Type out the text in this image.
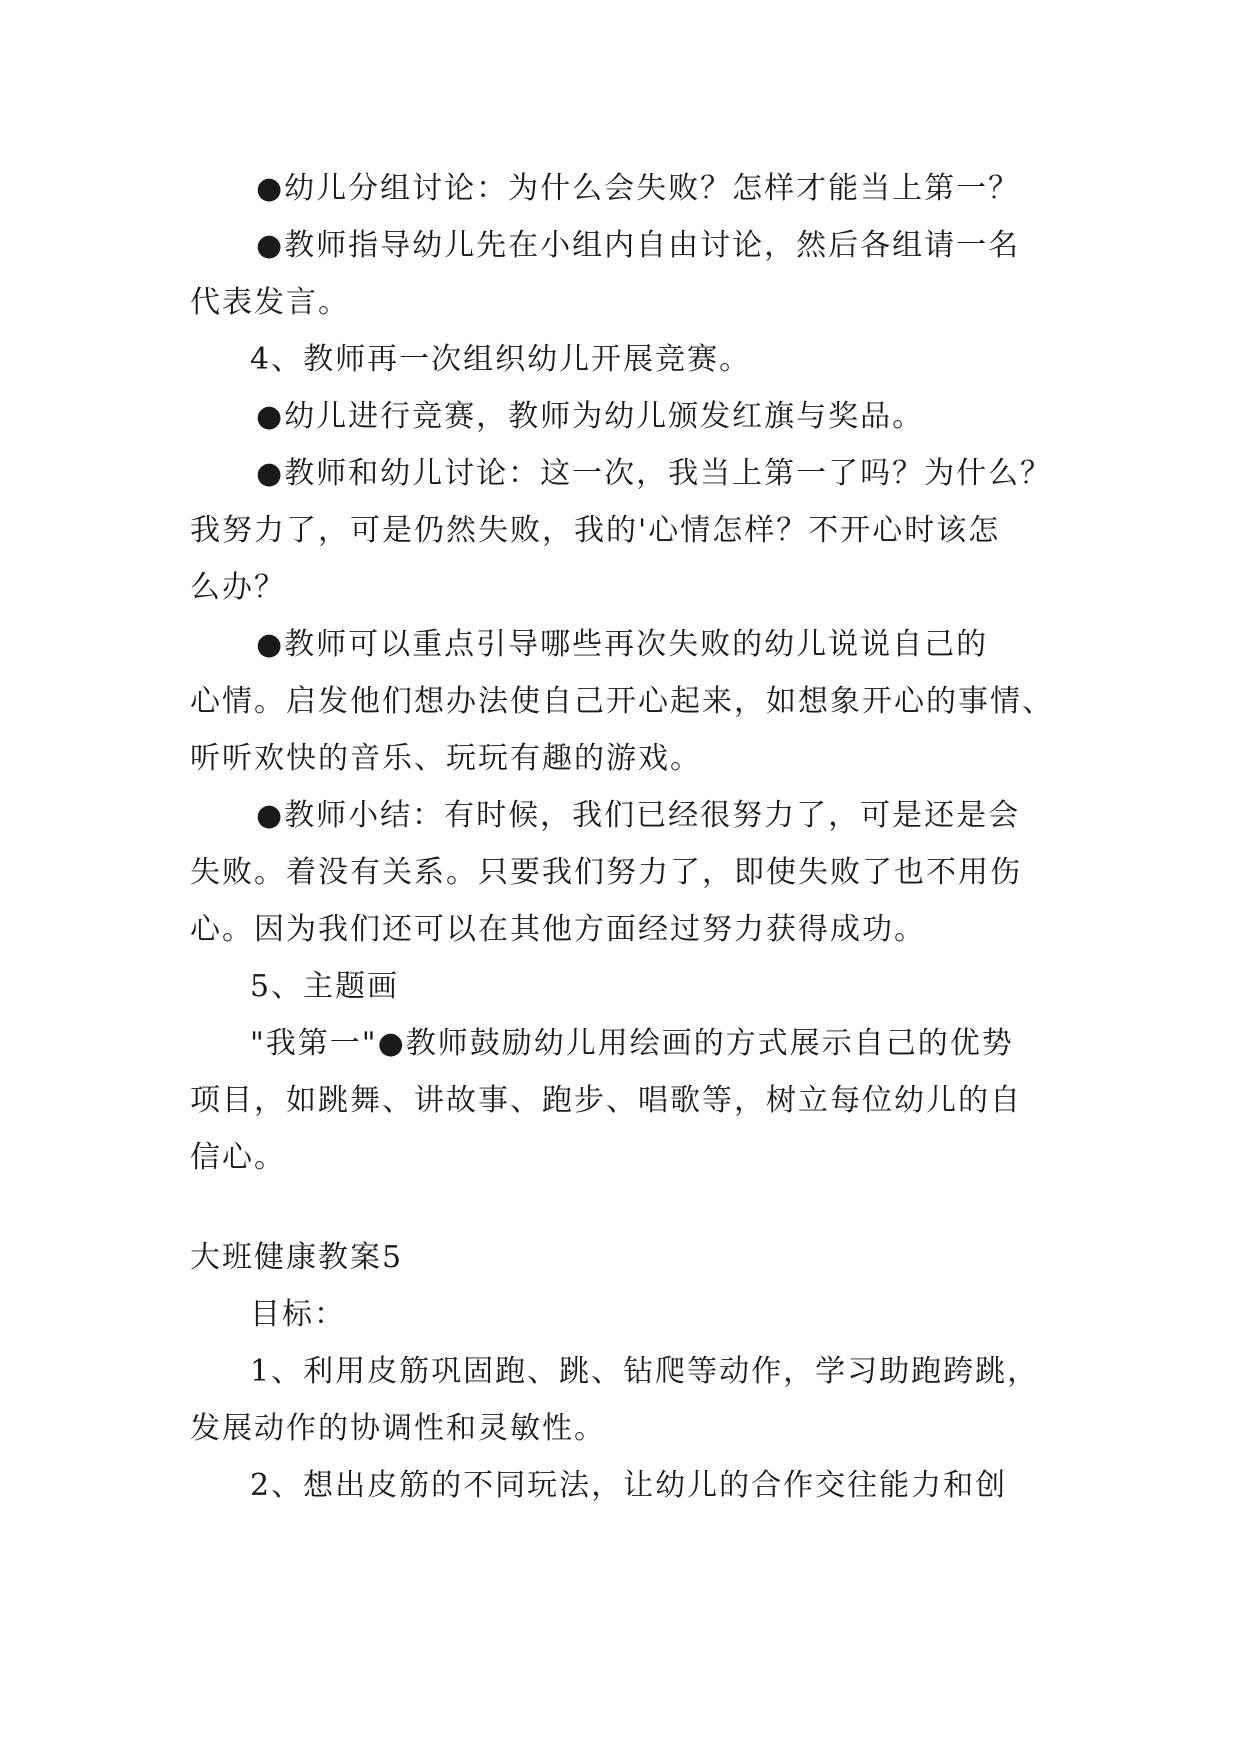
●幼儿分组讨论：为什么会失败？怎样才能当上第一？
●教师指导幼儿先在小组内自由讨论，然后各组请一名
代表发言。
4、教师再一次组织幼儿开展竞赛。
●幼儿进行竞赛，教师为幼儿颁发红旗与奖品。
●教师和幼儿讨论：这一次，我当上第一了吗？为什么？
我努力了，可是仍然失败，我的'心情怎样？不开心时该怎
么办？
●教师可以重点引导哪些再次失败的幼儿说说自己的
心情。启发他们想办法使自己开心起来，如想象开心的事情、
听听欢快的音乐、玩玩有趣的游戏。
●教师小结：有时候，我们已经很努力了，可是还是会
失败。着没有关系。只要我们努力了，即使失败了也不用伤
心。因为我们还可以在其他方面经过努力获得成功。
5、主题画
"我第一"●教师鼓励幼儿用绘画的方式展示自己的优势
项目，如跳舞、讲故事、跑步、唱歌等，树立每位幼儿的自
信心。
大班健康教案5
目标：
1、利用皮筋巩固跑、跳、钻爬等动作，学习助跑跨跳，
发展动作的协调性和灵敏性。
2、想出皮筋的不同玩法，让幼儿的合作交往能力和创
